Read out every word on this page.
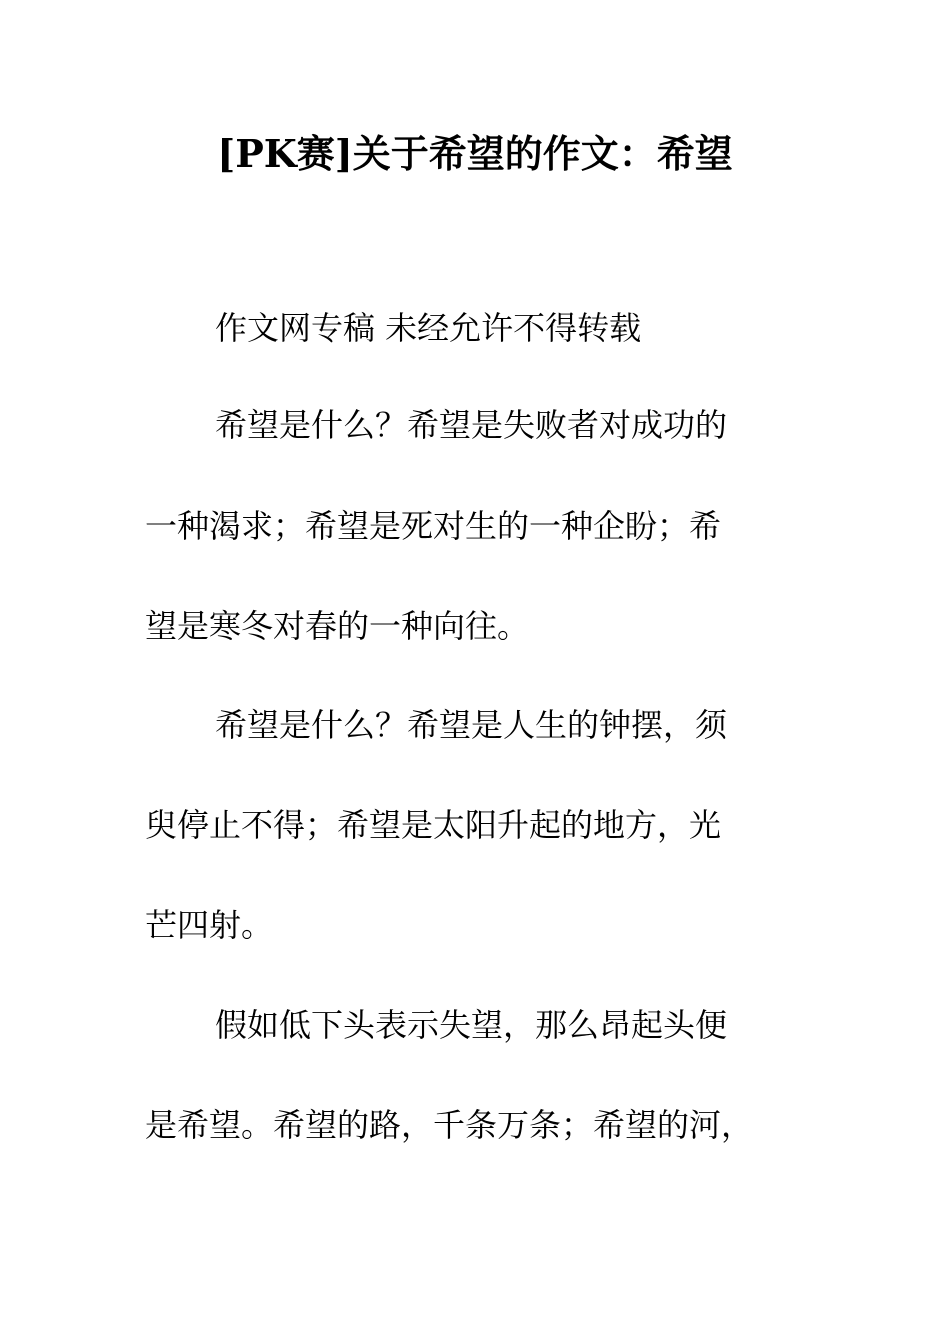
[PK赛]关于希望的作文：希望
作文网专稿 未经允许不得转载
希望是什么？希望是失败者对成功的
一种渴求；希望是死对生的一种企盼；希
望是寒冬对春的一种向往。
希望是什么？希望是人生的钟摆，须
臾停止不得；希望是太阳升起的地方，光
芒四射。
假如低下头表示失望，那么昂起头便
是希望。希望的路，千条万条；希望的河，
